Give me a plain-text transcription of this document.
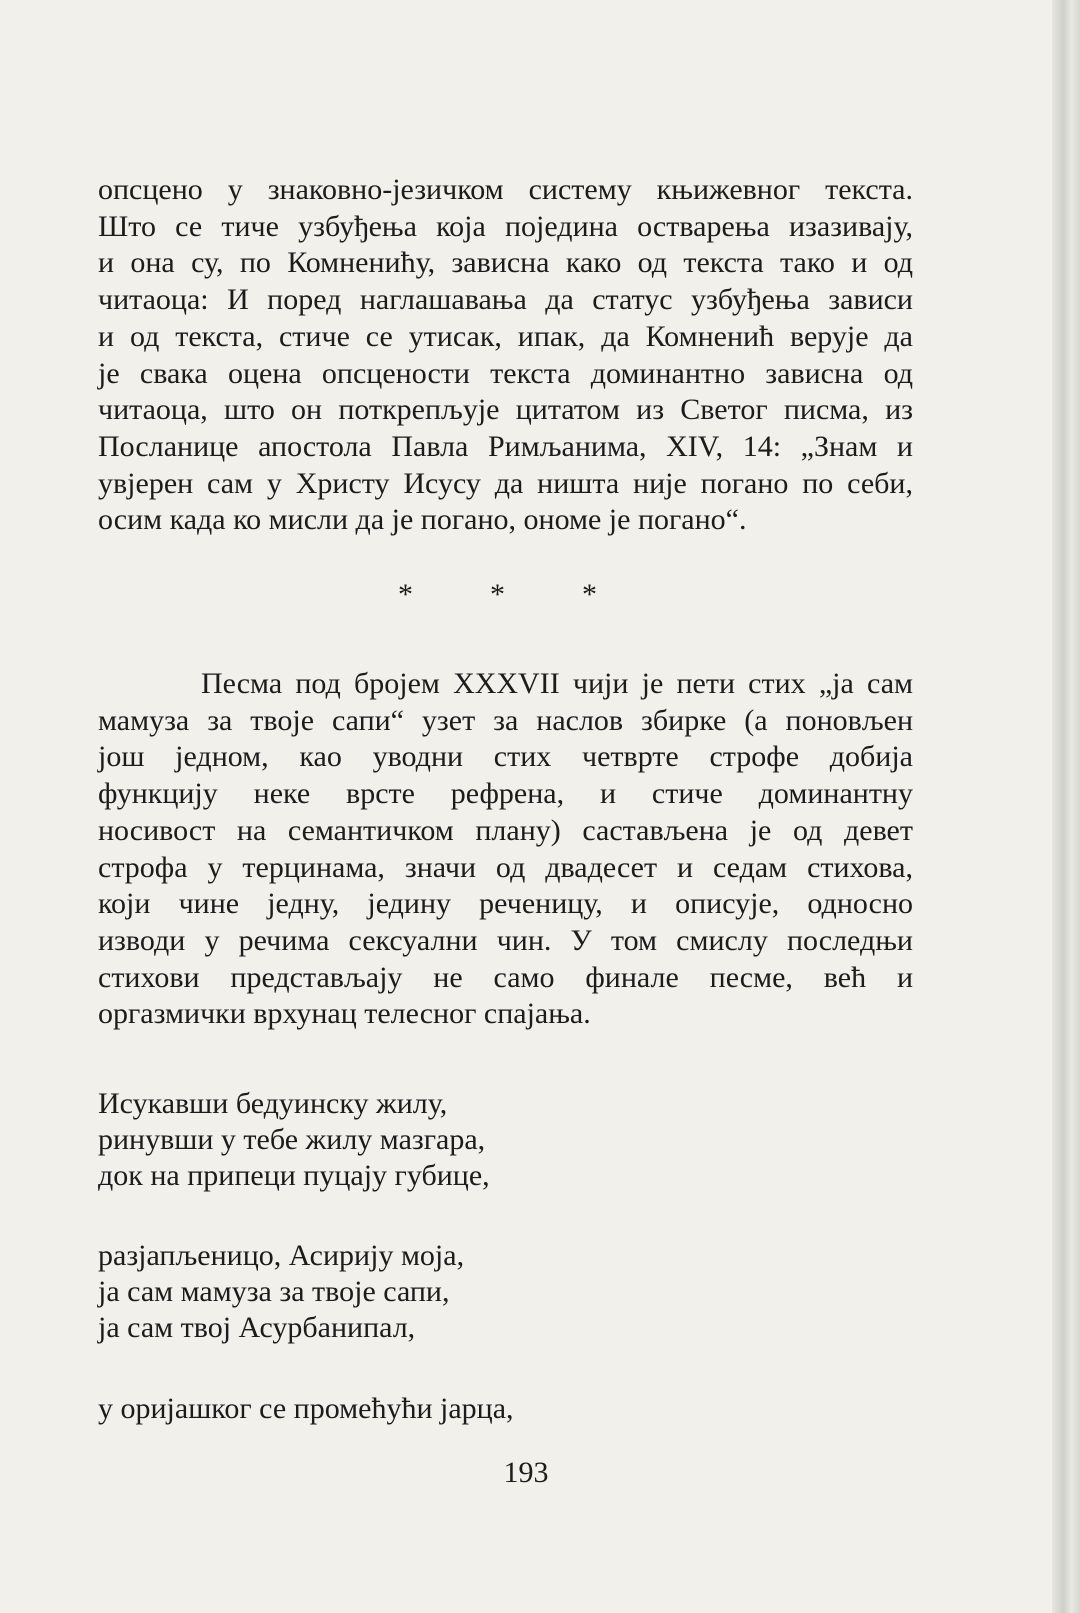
опсцено у знаковно-језичком систему књижевног текста.
Што се тиче узбуђења која поједина остварења изазивају,
и она су, по Комненићу, зависна како од текста тако и од
читаоца: И поред наглашавања да статус узбуђења зависи
и од текста, стиче се утисак, ипак, да Комненић верује да
је свака оцена опсцености текста доминантно зависна од
читаоца, што он поткрепљује цитатом из Светог писма, из
Посланице апостола Павла Римљанима, XIV, 14: „Знам и
увјерен сам у Христу Исусу да ништа није погано по себи,
осим када ко мисли да је погано, ономе је погано“.
*	*	*
Песма под бројем XXXVII чији је пети стих „ја сам
мамуза за твоје сапи“ узет за наслов збирке (а поновљен
још једном, као уводни стих четврте строфе добија
функцију неке врсте рефрена, и стиче доминантну
носивост на семантичком плану) састављена је од девет
строфа у терцинама, значи од двадесет и седам стихова,
који чине једну, једину реченицу, и описује, односно
изводи у речима сексуални чин. У том смислу последњи
стихови представљају не само финале песме, већ и
оргазмички врхунац телесног спајања.
Исукавши бедуинску жилу,
ринувши у тебе жилу мазгара,
док на припеци пуцају губице,
разјапљеницо, Асирију моја,
ја сам мамуза за твоје сапи,
ја сам твој Асурбанипал,
у оријашког се промећући јарца,
193
